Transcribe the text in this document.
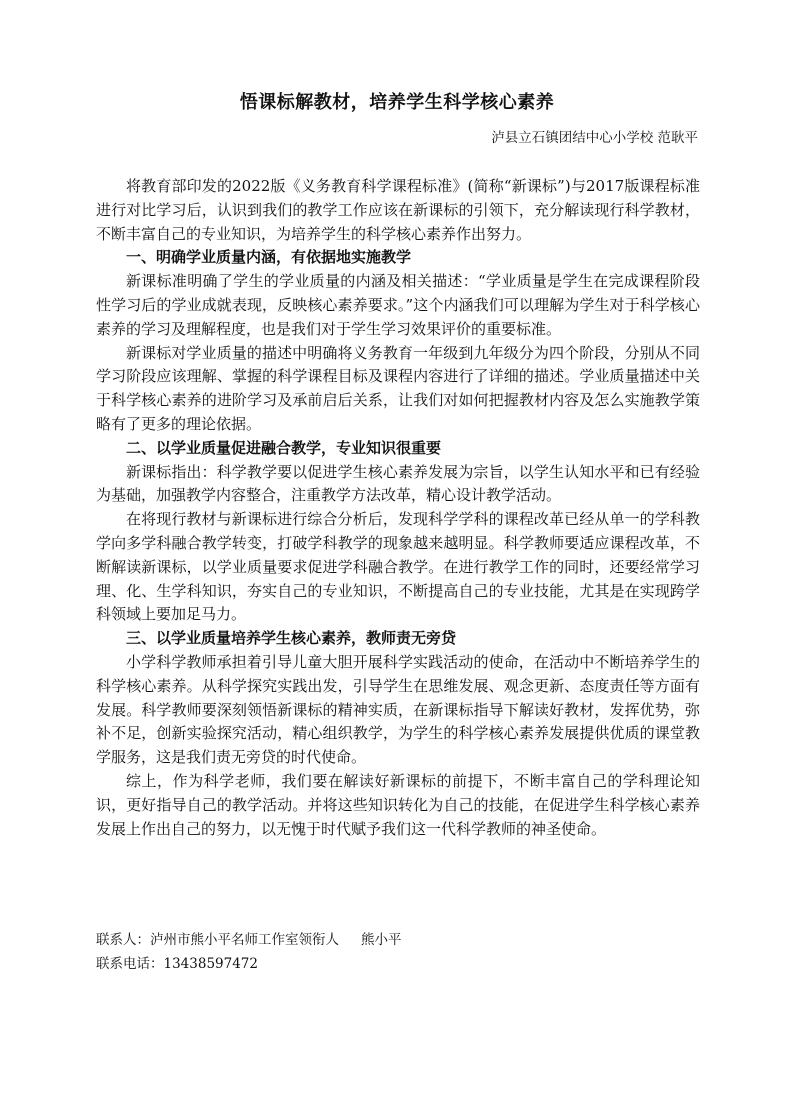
悟课标解教材，培养学生科学核心素养
泸县立石镇团结中心小学校 范耿平

将教育部印发的2022版《义务教育科学课程标准》(简称“新课标”)与2017版课程标准进行对比学习后，认识到我们的教学工作应该在新课标的引领下，充分解读现行科学教材，不断丰富自己的专业知识，为培养学生的科学核心素养作出努力。

一、明确学业质量内涵，有依据地实施教学

新课标准明确了学生的学业质量的内涵及相关描述：“学业质量是学生在完成课程阶段性学习后的学业成就表现，反映核心素养要求。”这个内涵我们可以理解为学生对于科学核心素养的学习及理解程度，也是我们对于学生学习效果评价的重要标准。

新课标对学业质量的描述中明确将义务教育一年级到九年级分为四个阶段，分别从不同学习阶段应该理解、掌握的科学课程目标及课程内容进行了详细的描述。学业质量描述中关于科学核心素养的进阶学习及承前启后关系，让我们对如何把握教材内容及怎么实施教学策略有了更多的理论依据。

二、以学业质量促进融合教学，专业知识很重要

新课标指出：科学教学要以促进学生核心素养发展为宗旨，以学生认知水平和已有经验为基础，加强教学内容整合，注重教学方法改革，精心设计教学活动。

在将现行教材与新课标进行综合分析后，发现科学学科的课程改革已经从单一的学科教学向多学科融合教学转变，打破学科教学的现象越来越明显。科学教师要适应课程改革，不断解读新课标，以学业质量要求促进学科融合教学。在进行教学工作的同时，还要经常学习理、化、生学科知识，夯实自己的专业知识，不断提高自己的专业技能，尤其是在实现跨学科领域上要加足马力。

三、以学业质量培养学生核心素养，教师责无旁贷

小学科学教师承担着引导儿童大胆开展科学实践活动的使命，在活动中不断培养学生的科学核心素养。从科学探究实践出发，引导学生在思维发展、观念更新、态度责任等方面有发展。科学教师要深刻领悟新课标的精神实质，在新课标指导下解读好教材，发挥优势，弥补不足，创新实验探究活动，精心组织教学，为学生的科学核心素养发展提供优质的课堂教学服务，这是我们责无旁贷的时代使命。

综上，作为科学老师，我们要在解读好新课标的前提下，不断丰富自己的学科理论知识，更好指导自己的教学活动。并将这些知识转化为自己的技能，在促进学生科学核心素养发展上作出自己的努力，以无愧于时代赋予我们这一代科学教师的神圣使命。

联系人：泸州市熊小平名师工作室领衔人 熊小平
联系电话：13438597472
